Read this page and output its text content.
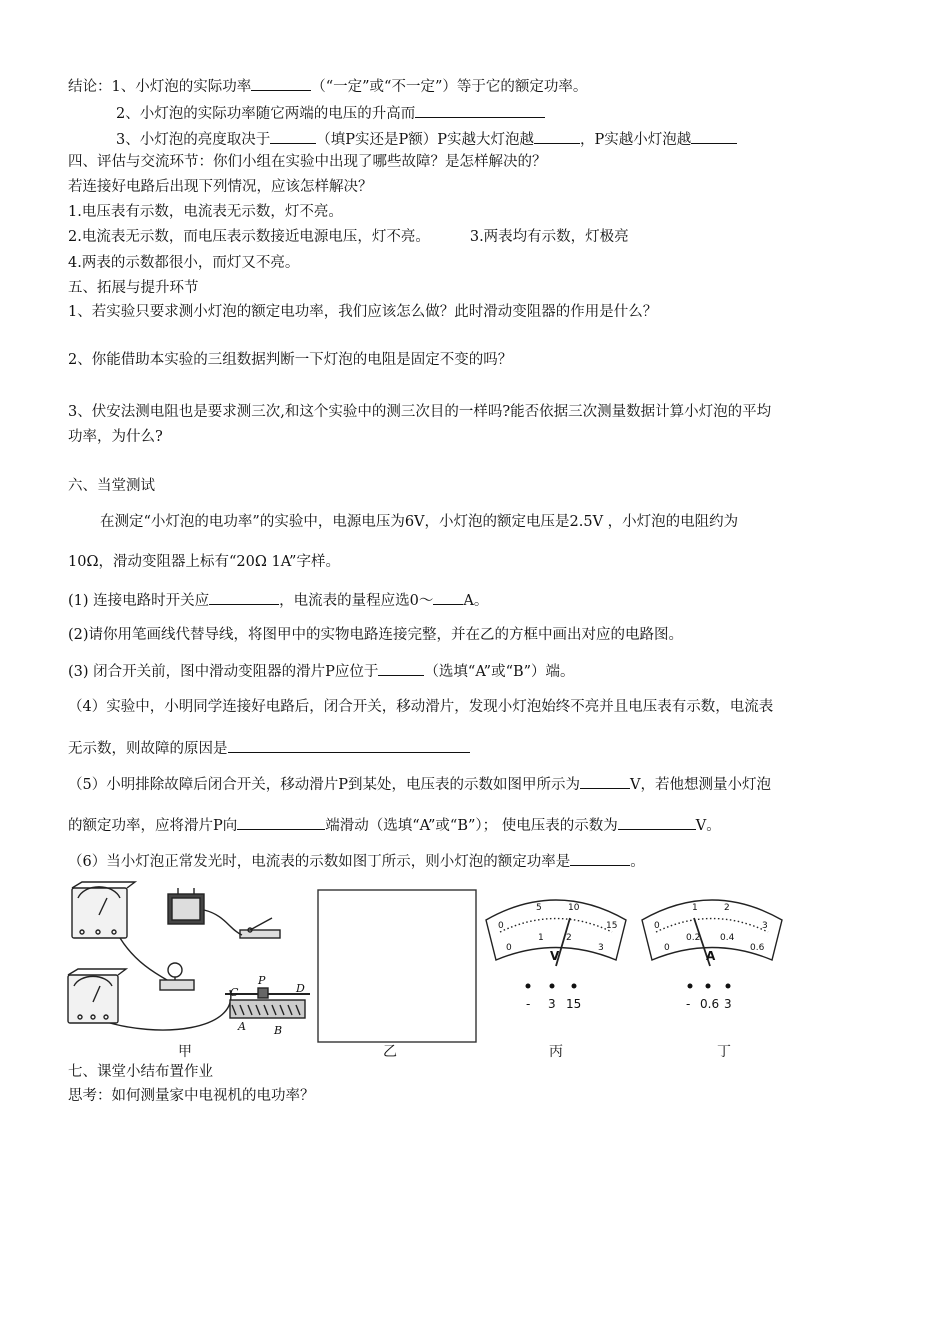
结论：1、小灯泡的实际功率	（“一定”或“不一定”）等于它的额定功率。
2、小灯泡的实际功率随它两端的电压的升高而
3、小灯泡的亮度取决于	（填P实还是P额）P实越大灯泡越	，P实越小灯泡越
四、评估与交流环节：你们小组在实验中出现了哪些故障？是怎样解决的？
若连接好电路后出现下列情况，应该怎样解决？
1.电压表有示数，电流表无示数，灯不亮。
2.电流表无示数，而电压表示数接近电源电压，灯不亮。	3.两表均有示数，灯极亮
4.两表的示数都很小，而灯又不亮。
五、拓展与提升环节
1、若实验只要求测小灯泡的额定电功率，我们应该怎么做？此时滑动变阻器的作用是什么？
2、你能借助本实验的三组数据判断一下灯泡的电阻是固定不变的吗？
3、伏安法测电阻也是要求测三次,和这个实验中的测三次目的一样吗?能否依据三次测量数据计算小灯泡的平均
功率，为什么?
六、当堂测试
在测定“小灯泡的电功率”的实验中，电源电压为6V，小灯泡的额定电压是2.5V ，小灯泡的电阻约为
10Ω，滑动变阻器上标有“20Ω 1A”字样。
(1) 连接电路时开关应	，电流表的量程应选0～ A。
(2)请你用笔画线代替导线，将图甲中的实物电路连接完整，并在乙的方框中画出对应的电路图。
(3) 闭合开关前，图中滑动变阻器的滑片P应位于	（选填“A”或“B”）端。
（4）实验中，小明同学连接好电路后，闭合开关，移动滑片，发现小灯泡始终不亮并且电压表有示数，电流表
无示数，则故障的原因是
（5）小明排除故障后闭合开关，移动滑片P到某处，电压表的示数如图甲所示为	V，若他想测量小灯泡
的额定功率，应将滑片P向	端滑动（选填“A”或“B”）； 使电压表的示数为	V。
（6）当小灯泡正常发光时，电流表的示数如图丁所示，则小灯泡的额定功率是	。
C
P
D
A	B
0
5	10
15
0
1 2
3
V
- 3 15
0
1	2
3
0
0.2 0.4
0.6
A
- 0.6 3
甲	乙	丙	丁
七、课堂小结布置作业
思考：如何测量家中电视机的电功率？
